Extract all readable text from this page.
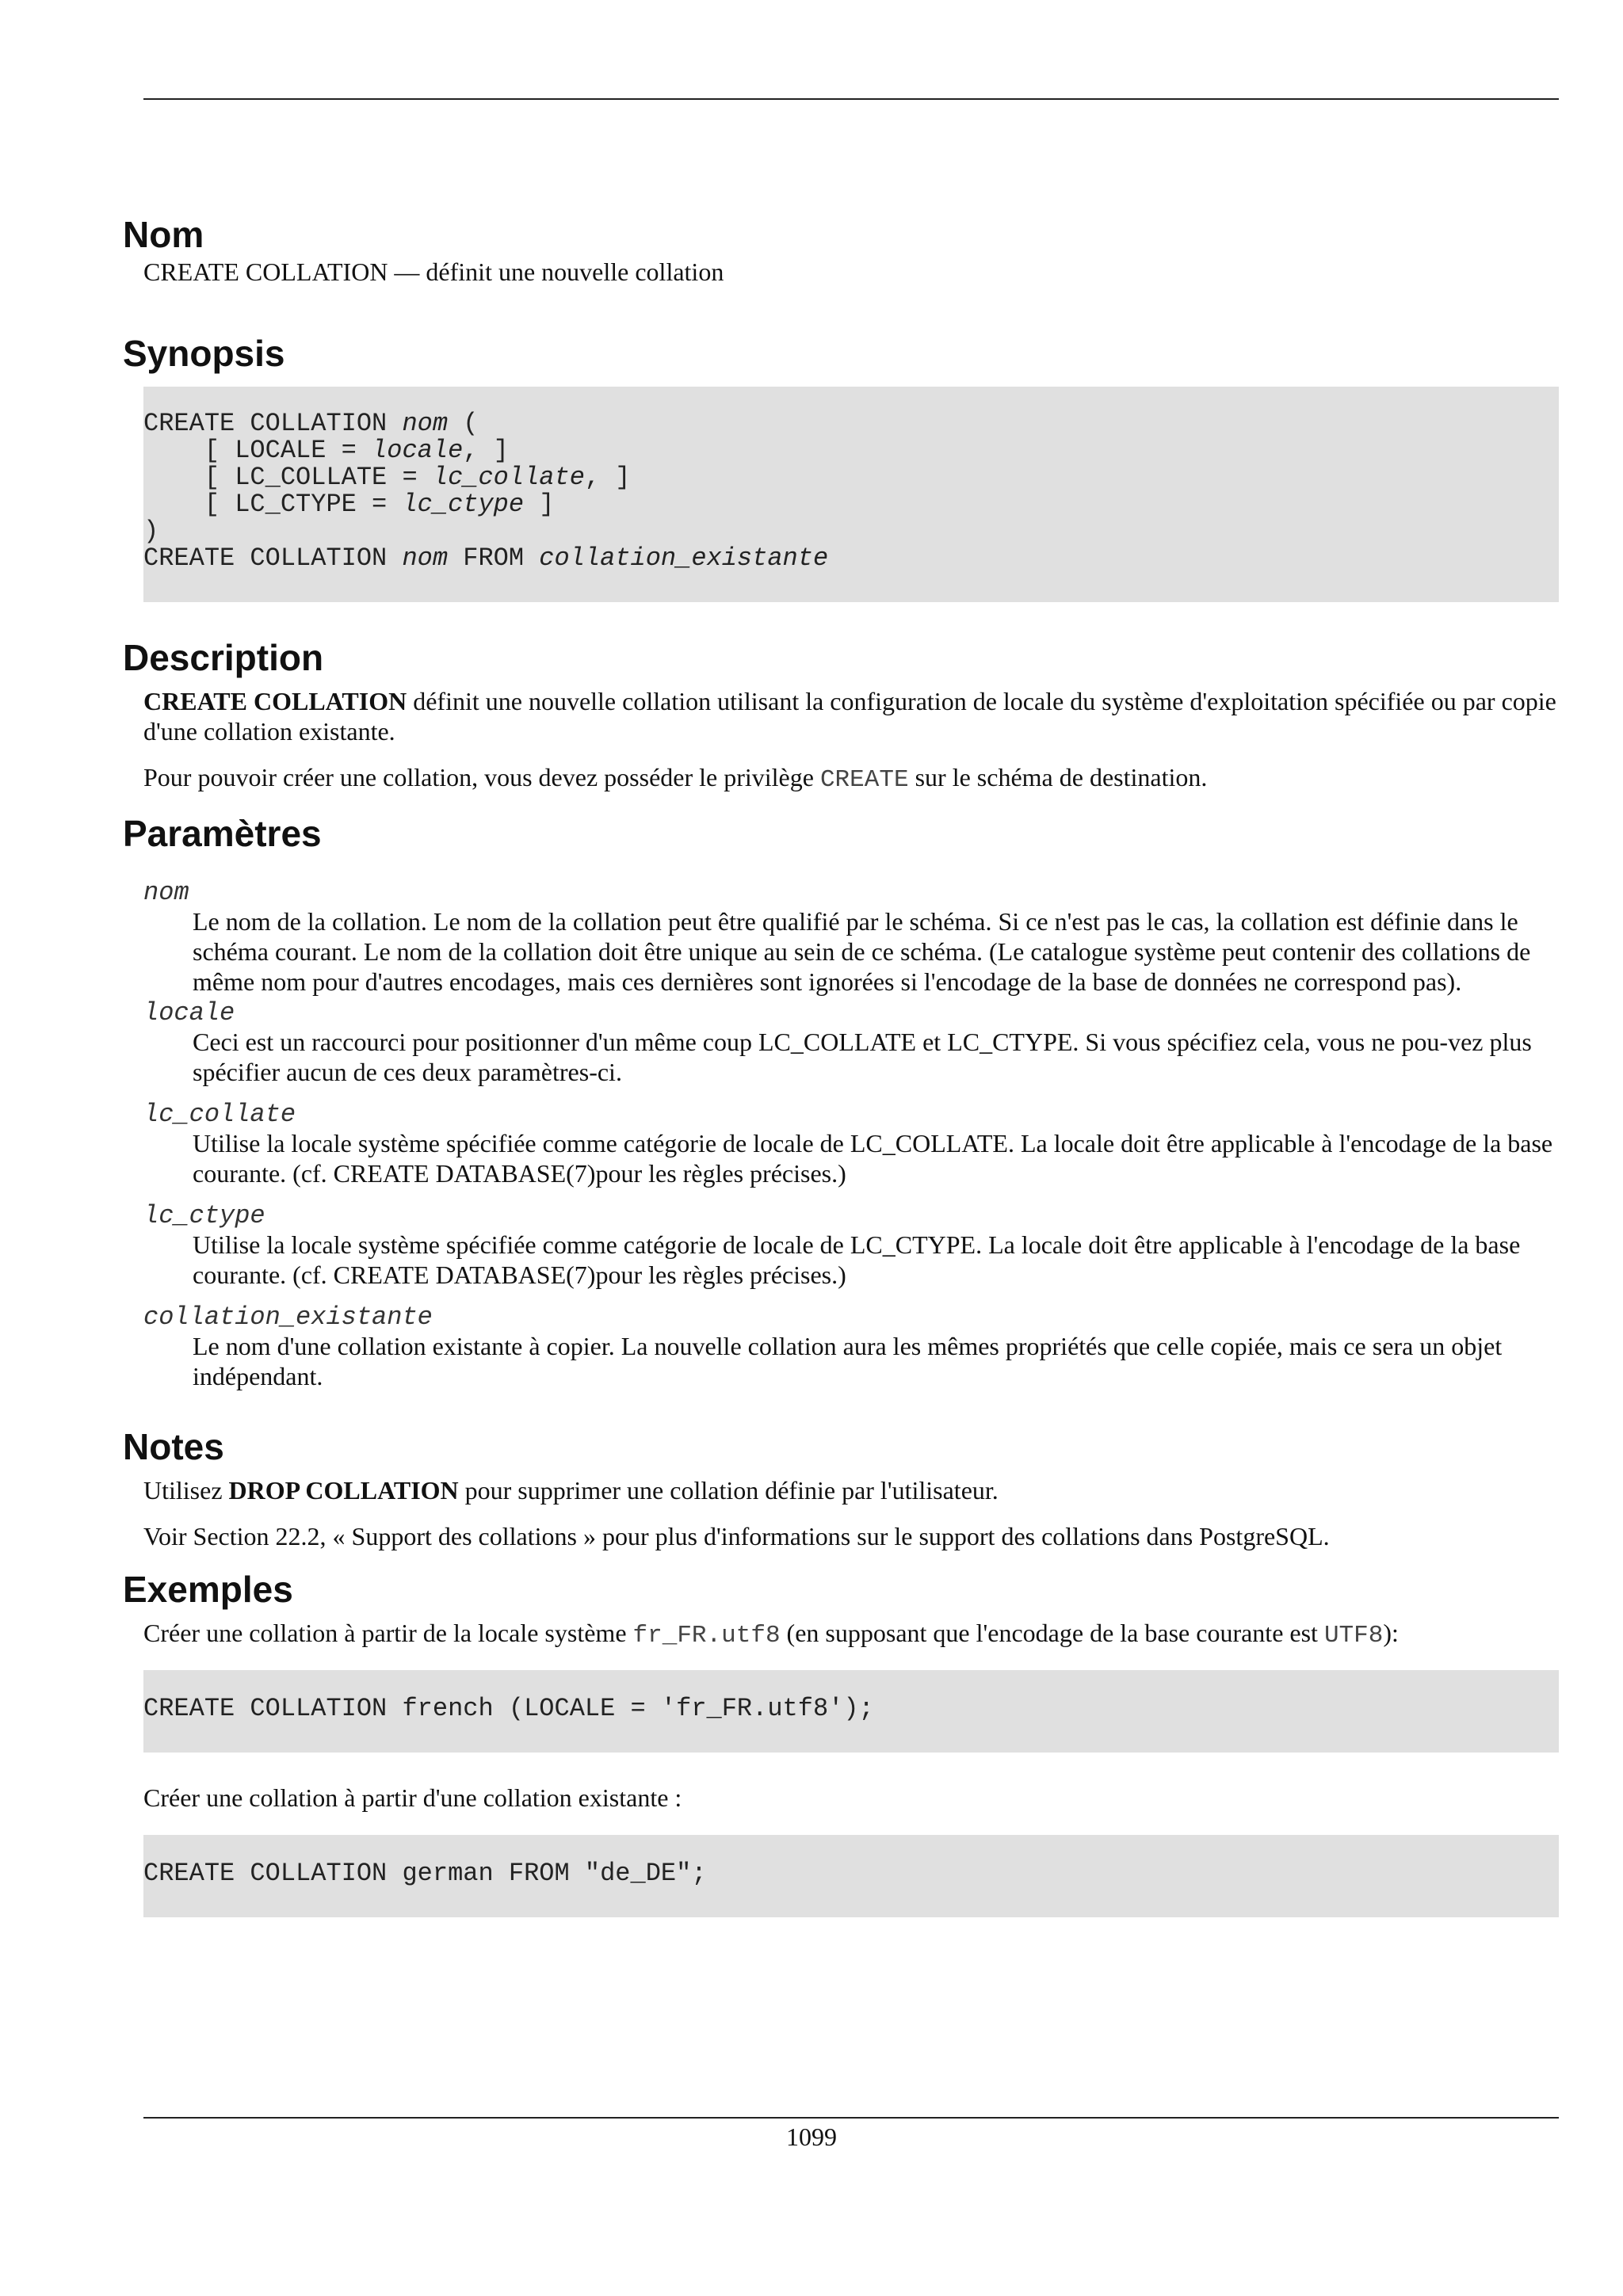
Nom

CREATE COLLATION — définit une nouvelle collation

Synopsis
CREATE COLLATION nom (
[ LOCALE = locale, ]
[ LC_COLLATE = lc_collate, ]
[ LC_CTYPE = lc_ctype ]
)
CREATE COLLATION nom FROM collation_existante
Description

CREATE COLLATION définit une nouvelle collation utilisant la configuration de locale du système d'exploitation spécifiée ou par copie d'une collation existante.

Pour pouvoir créer une collation, vous devez posséder le privilège CREATE sur le schéma de destination.

Paramètres
nom
Le nom de la collation. Le nom de la collation peut être qualifié par le schéma. Si ce n'est pas le cas, la collation est définie dans le schéma courant. Le nom de la collation doit être unique au sein de ce schéma. (Le catalogue système peut contenir des collations de même nom pour d'autres encodages, mais ces dernières sont ignorées si l'encodage de la base de données ne correspond pas).
locale
Ceci est un raccourci pour positionner d'un même coup LC_COLLATE et LC_CTYPE. Si vous spécifiez cela, vous ne pou-vez plus spécifier aucun de ces deux paramètres-ci.
lc_collate
Utilise la locale système spécifiée comme catégorie de locale de LC_COLLATE. La locale doit être applicable à l'encodage de la base courante. (cf. CREATE DATABASE(7)pour les règles précises.)
lc_ctype
Utilise la locale système spécifiée comme catégorie de locale de LC_CTYPE. La locale doit être applicable à l'encodage de la base courante. (cf. CREATE DATABASE(7)pour les règles précises.)
collation_existante
Le nom d'une collation existante à copier. La nouvelle collation aura les mêmes propriétés que celle copiée, mais ce sera un objet indépendant.
Notes

Utilisez DROP COLLATION pour supprimer une collation définie par l'utilisateur.

Voir Section 22.2, « Support des collations » pour plus d'informations sur le support des collations dans PostgreSQL.

Exemples

Créer une collation à partir de la locale système fr_FR.utf8 (en supposant que l'encodage de la base courante est UTF8):

CREATE COLLATION french (LOCALE = 'fr_FR.utf8');

Créer une collation à partir d'une collation existante :

CREATE COLLATION german FROM "de_DE";
1099
